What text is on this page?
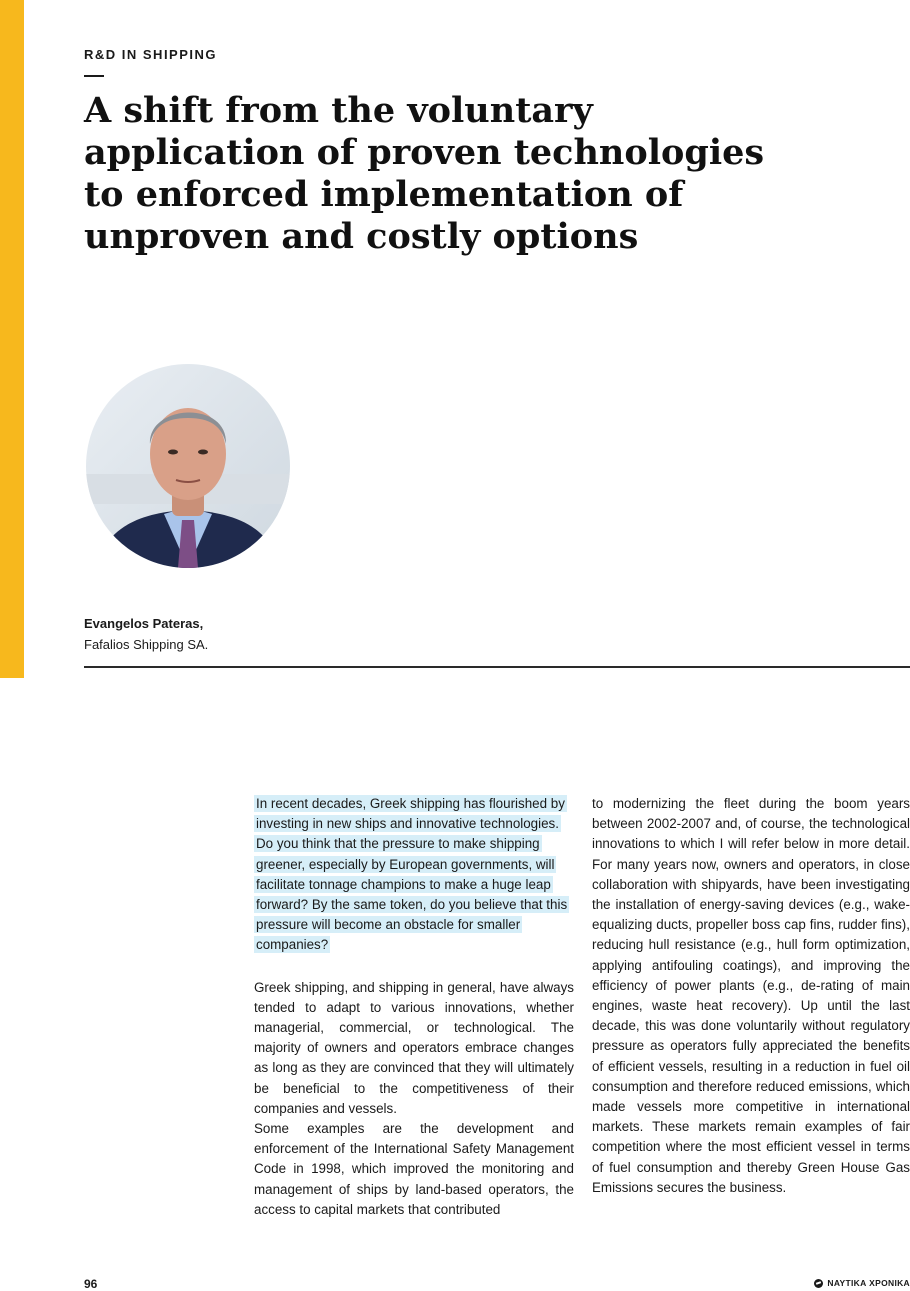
R&D IN SHIPPING
A shift from the voluntary application of proven technologies to enforced implementation of unproven and costly options
Evangelos Pateras,
Fafalios Shipping SA.

In recent decades, Greek shipping has flourished by investing in new ships and innovative technologies. Do you think that the pressure to make shipping greener, especially by European governments, will facilitate tonnage champions to make a huge leap forward? By the same token, do you believe that this pressure will become an obstacle for smaller companies?

Greek shipping, and shipping in general, have always tended to adapt to various innovations, whether managerial, commercial, or technological. The majority of owners and operators embrace changes as long as they are convinced that they will ultimately be beneficial to the competitiveness of their companies and vessels.

Some examples are the development and enforcement of the International Safety Management Code in 1998, which improved the monitoring and management of ships by land-based operators, the access to capital markets that contributed

to modernizing the fleet during the boom years between 2002-2007 and, of course, the technological innovations to which I will refer below in more detail. For many years now, owners and operators, in close collaboration with shipyards, have been investigating the installation of energy-saving devices (e.g., wake-equalizing ducts, propeller boss cap fins, rudder fins), reducing hull resistance (e.g., hull form optimization, applying antifouling coatings), and improving the efficiency of power plants (e.g., de-rating of main engines, waste heat recovery). Up until the last decade, this was done voluntarily without regulatory pressure as operators fully appreciated the benefits of efficient vessels, resulting in a reduction in fuel oil consumption and therefore reduced emissions, which made vessels more competitive in international markets. These markets remain examples of fair competition where the most efficient vessel in terms of fuel consumption and thereby Green House Gas Emissions secures the business.

96	ΝΑΥΤΙΚΑ ΧΡΟΝΙΚΑ
